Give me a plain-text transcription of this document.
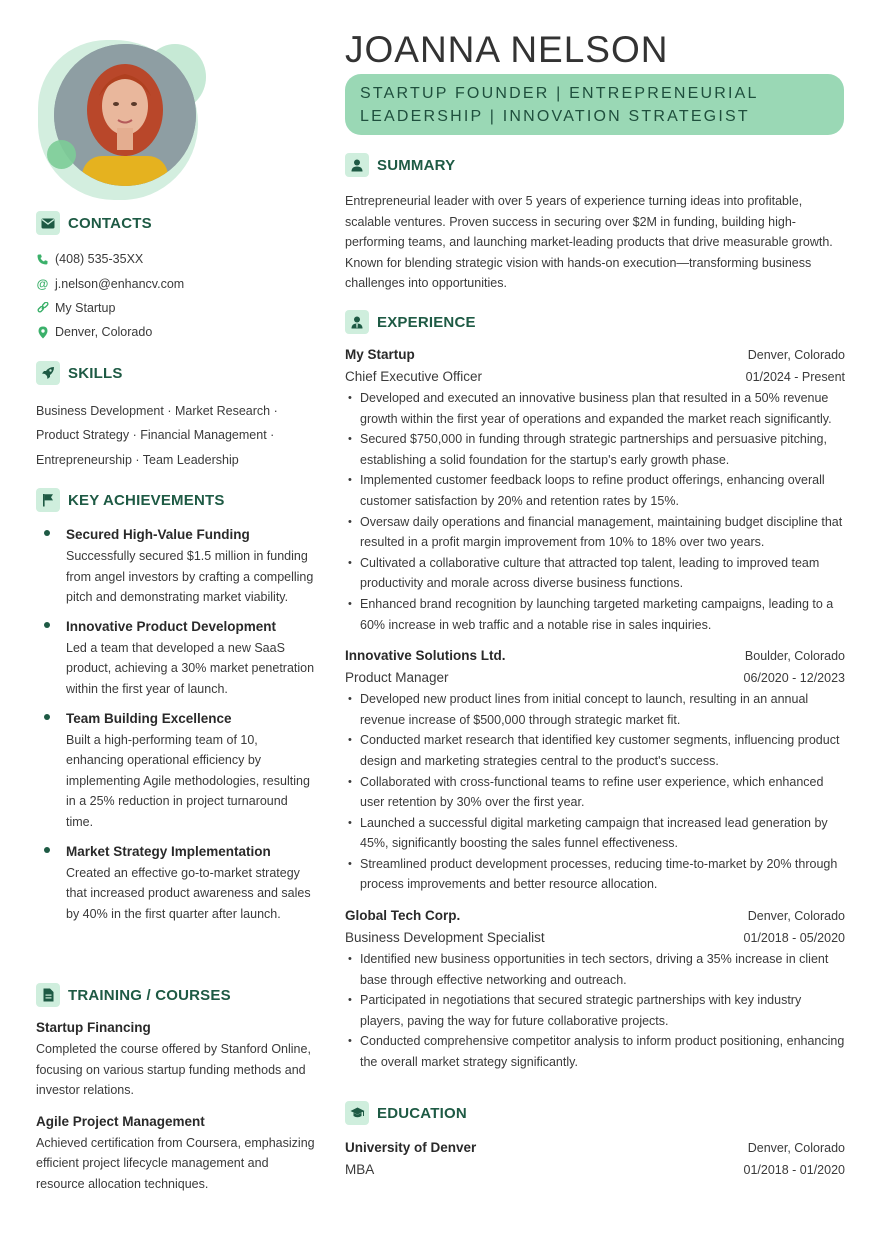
CONTACTS
(408) 535-35XX
@ j.nelson@enhancv.com
My Startup
Denver, Colorado
SKILLS
Business Development · Market Research ·
Product Strategy · Financial Management ·
Entrepreneurship · Team Leadership
KEY ACHIEVEMENTS
Secured High-Value Funding
Successfully secured $1.5 million in funding from angel investors by crafting a compelling pitch and demonstrating market viability.
Innovative Product Development
Led a team that developed a new SaaS product, achieving a 30% market penetration within the first year of launch.
Team Building Excellence
Built a high-performing team of 10, enhancing operational efficiency by implementing Agile methodologies, resulting in a 25% reduction in project turnaround time.
Market Strategy Implementation
Created an effective go-to-market strategy that increased product awareness and sales by 40% in the first quarter after launch.
TRAINING / COURSES
Startup Financing
Completed the course offered by Stanford Online, focusing on various startup funding methods and investor relations.
Agile Project Management
Achieved certification from Coursera, emphasizing efficient project lifecycle management and resource allocation techniques.
JOANNA NELSON
STARTUP FOUNDER | ENTREPRENEURIAL LEADERSHIP | INNOVATION STRATEGIST
SUMMARY
Entrepreneurial leader with over 5 years of experience turning ideas into profitable, scalable ventures. Proven success in securing over $2M in funding, building high-performing teams, and launching market-leading products that drive measurable growth. Known for blending strategic vision with hands-on execution—transforming business challenges into opportunities.
EXPERIENCE
My Startup	Denver, Colorado
Chief Executive Officer	01/2024 - Present
• Developed and executed an innovative business plan that resulted in a 50% revenue growth within the first year of operations and expanded the market reach significantly.
• Secured $750,000 in funding through strategic partnerships and persuasive pitching, establishing a solid foundation for the startup's early growth phase.
• Implemented customer feedback loops to refine product offerings, enhancing overall customer satisfaction by 20% and retention rates by 15%.
• Oversaw daily operations and financial management, maintaining budget discipline that resulted in a profit margin improvement from 10% to 18% over two years.
• Cultivated a collaborative culture that attracted top talent, leading to improved team productivity and morale across diverse business functions.
• Enhanced brand recognition by launching targeted marketing campaigns, leading to a 60% increase in web traffic and a notable rise in sales inquiries.
Innovative Solutions Ltd.	Boulder, Colorado
Product Manager	06/2020 - 12/2023
• Developed new product lines from initial concept to launch, resulting in an annual revenue increase of $500,000 through strategic market fit.
• Conducted market research that identified key customer segments, influencing product design and marketing strategies central to the product's success.
• Collaborated with cross-functional teams to refine user experience, which enhanced user retention by 30% over the first year.
• Launched a successful digital marketing campaign that increased lead generation by 45%, significantly boosting the sales funnel effectiveness.
• Streamlined product development processes, reducing time-to-market by 20% through process improvements and better resource allocation.
Global Tech Corp.	Denver, Colorado
Business Development Specialist	01/2018 - 05/2020
• Identified new business opportunities in tech sectors, driving a 35% increase in client base through effective networking and outreach.
• Participated in negotiations that secured strategic partnerships with key industry players, paving the way for future collaborative projects.
• Conducted comprehensive competitor analysis to inform product positioning, enhancing the overall market strategy significantly.
EDUCATION
University of Denver	Denver, Colorado
MBA	01/2018 - 01/2020
